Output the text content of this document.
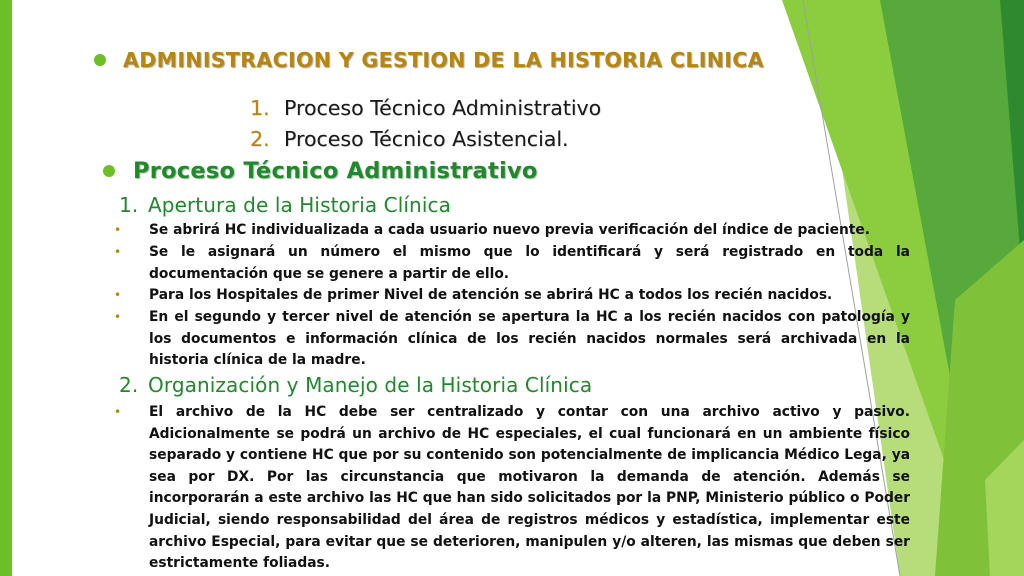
ADMINISTRACION Y GESTION DE LA HISTORIA CLINICA
1. Proceso Técnico Administrativo
2. Proceso Técnico Asistencial.
Proceso Técnico Administrativo
1. Apertura de la Historia Clínica
• Se abrirá HC individualizada a cada usuario nuevo previa verificación del índice de paciente.
• Se le asignará un número el mismo que lo identificará y será registrado en toda la documentación que se genere a partir de ello.
• Para los Hospitales de primer Nivel de atención se abrirá HC a todos los recién nacidos.
• En el segundo y tercer nivel de atención se apertura la HC a los recién nacidos con patología y los documentos e información clínica de los recién nacidos normales será archivada en la historia clínica de la madre.
2. Organización y Manejo de la Historia Clínica
• El archivo de la HC debe ser centralizado y contar con una archivo activo y pasivo. Adicionalmente se podrá un archivo de HC especiales, el cual funcionará en un ambiente físico separado y contiene HC que por su contenido son potencialmente de implicancia Médico Lega, ya sea por DX. Por las circunstancia que motivaron la demanda de atención. Además se incorporarán a este archivo las HC que han sido solicitados por la PNP, Ministerio público o Poder Judicial, siendo responsabilidad del área de registros médicos y estadística, implementar este archivo Especial, para evitar que se deterioren, manipulen y/o alteren, las mismas que deben ser estrictamente foliadas.
